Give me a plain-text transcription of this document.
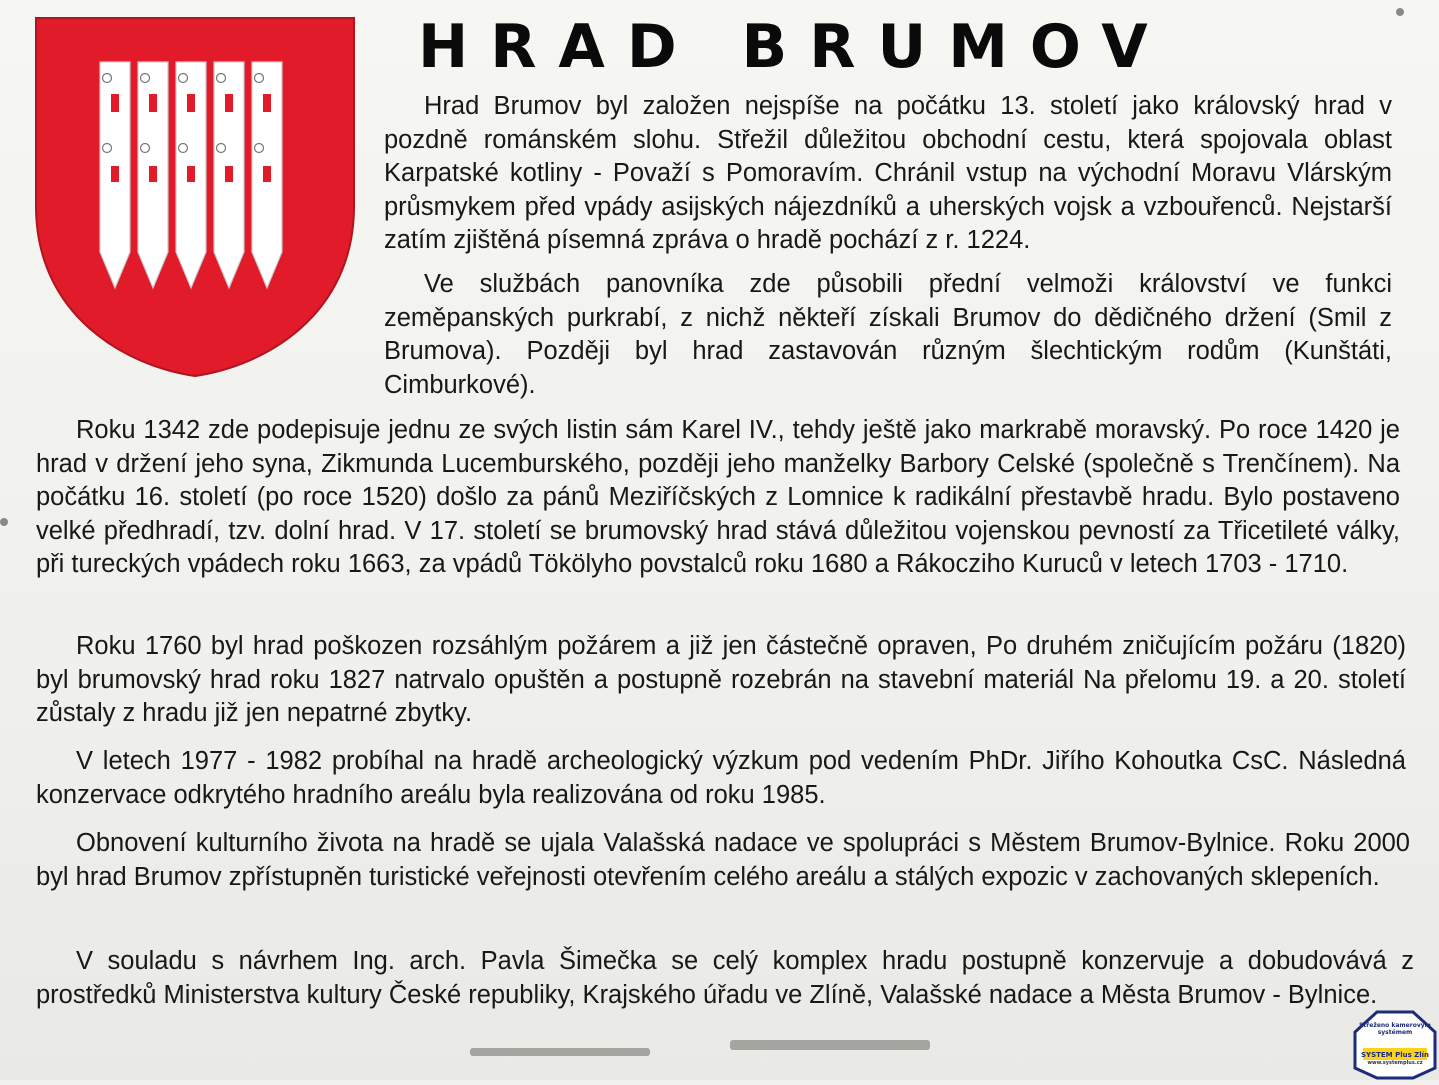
HRAD BRUMOV

Hrad Brumov byl založen nejspíše na počátku 13. století jako královský hrad v pozdně románském slohu. Střežil důležitou obchodní cestu, která spojovala oblast Karpatské kotliny - Považí s Pomoravím. Chránil vstup na východní Moravu Vlárským průsmykem před vpády asijských nájezdníků a uherských vojsk a vzbouřenců. Nejstarší zatím zjištěná písemná zpráva o hradě pochází z r. 1224.

Ve službách panovníka zde působili přední velmoži království ve funkci zeměpanských purkrabí, z nichž někteří získali Brumov do dědičného držení (Smil z Brumova). Později byl hrad zastavován různým šlechtickým rodům (Kunštáti, Cimburkové).

Roku 1342 zde podepisuje jednu ze svých listin sám Karel IV., tehdy ještě jako markrabě moravský. Po roce 1420 je hrad v držení jeho syna, Zikmunda Lucemburského, později jeho manželky Barbory Celské (společně s Trenčínem). Na počátku 16. století (po roce 1520) došlo za pánů Meziříčských z Lomnice k radikální přestavbě hradu. Bylo postaveno velké předhradí, tzv. dolní hrad. V 17. století se brumovský hrad stává důležitou vojenskou pevností za Třicetileté války, při tureckých vpádech roku 1663, za vpádů Tökölyho povstalců roku 1680 a Rákocziho Kuruců v letech 1703 - 1710.

Roku 1760 byl hrad poškozen rozsáhlým požárem a již jen částečně opraven, Po druhém zničujícím požáru (1820) byl brumovský hrad roku 1827 natrvalo opuštěn a postupně rozebrán na stavební materiál Na přelomu 19. a 20. století zůstaly z hradu již jen nepatrné zbytky.

V letech 1977 - 1982 probíhal na hradě archeologický výzkum pod vedením PhDr. Jiřího Kohoutka CsC. Následná konzervace odkrytého hradního areálu byla realizována od roku 1985.

Obnovení kulturního života na hradě se ujala Valašská nadace ve spolupráci s Městem Brumov-Bylnice. Roku 2000 byl hrad Brumov zpřístupněn turistické veřejnosti otevřením celého areálu a stálých expozic v zachovaných sklepeních.

V souladu s návrhem Ing. arch. Pavla Šimečka se celý komplex hradu postupně konzervuje a dobudovává z prostředků Ministerstva kultury České republiky, Krajského úřadu ve Zlíně, Valašské nadace a Města Brumov - Bylnice.

Střeženo kamerovým systémem
SYSTEM Plus Zlín
www.systemplus.cz
